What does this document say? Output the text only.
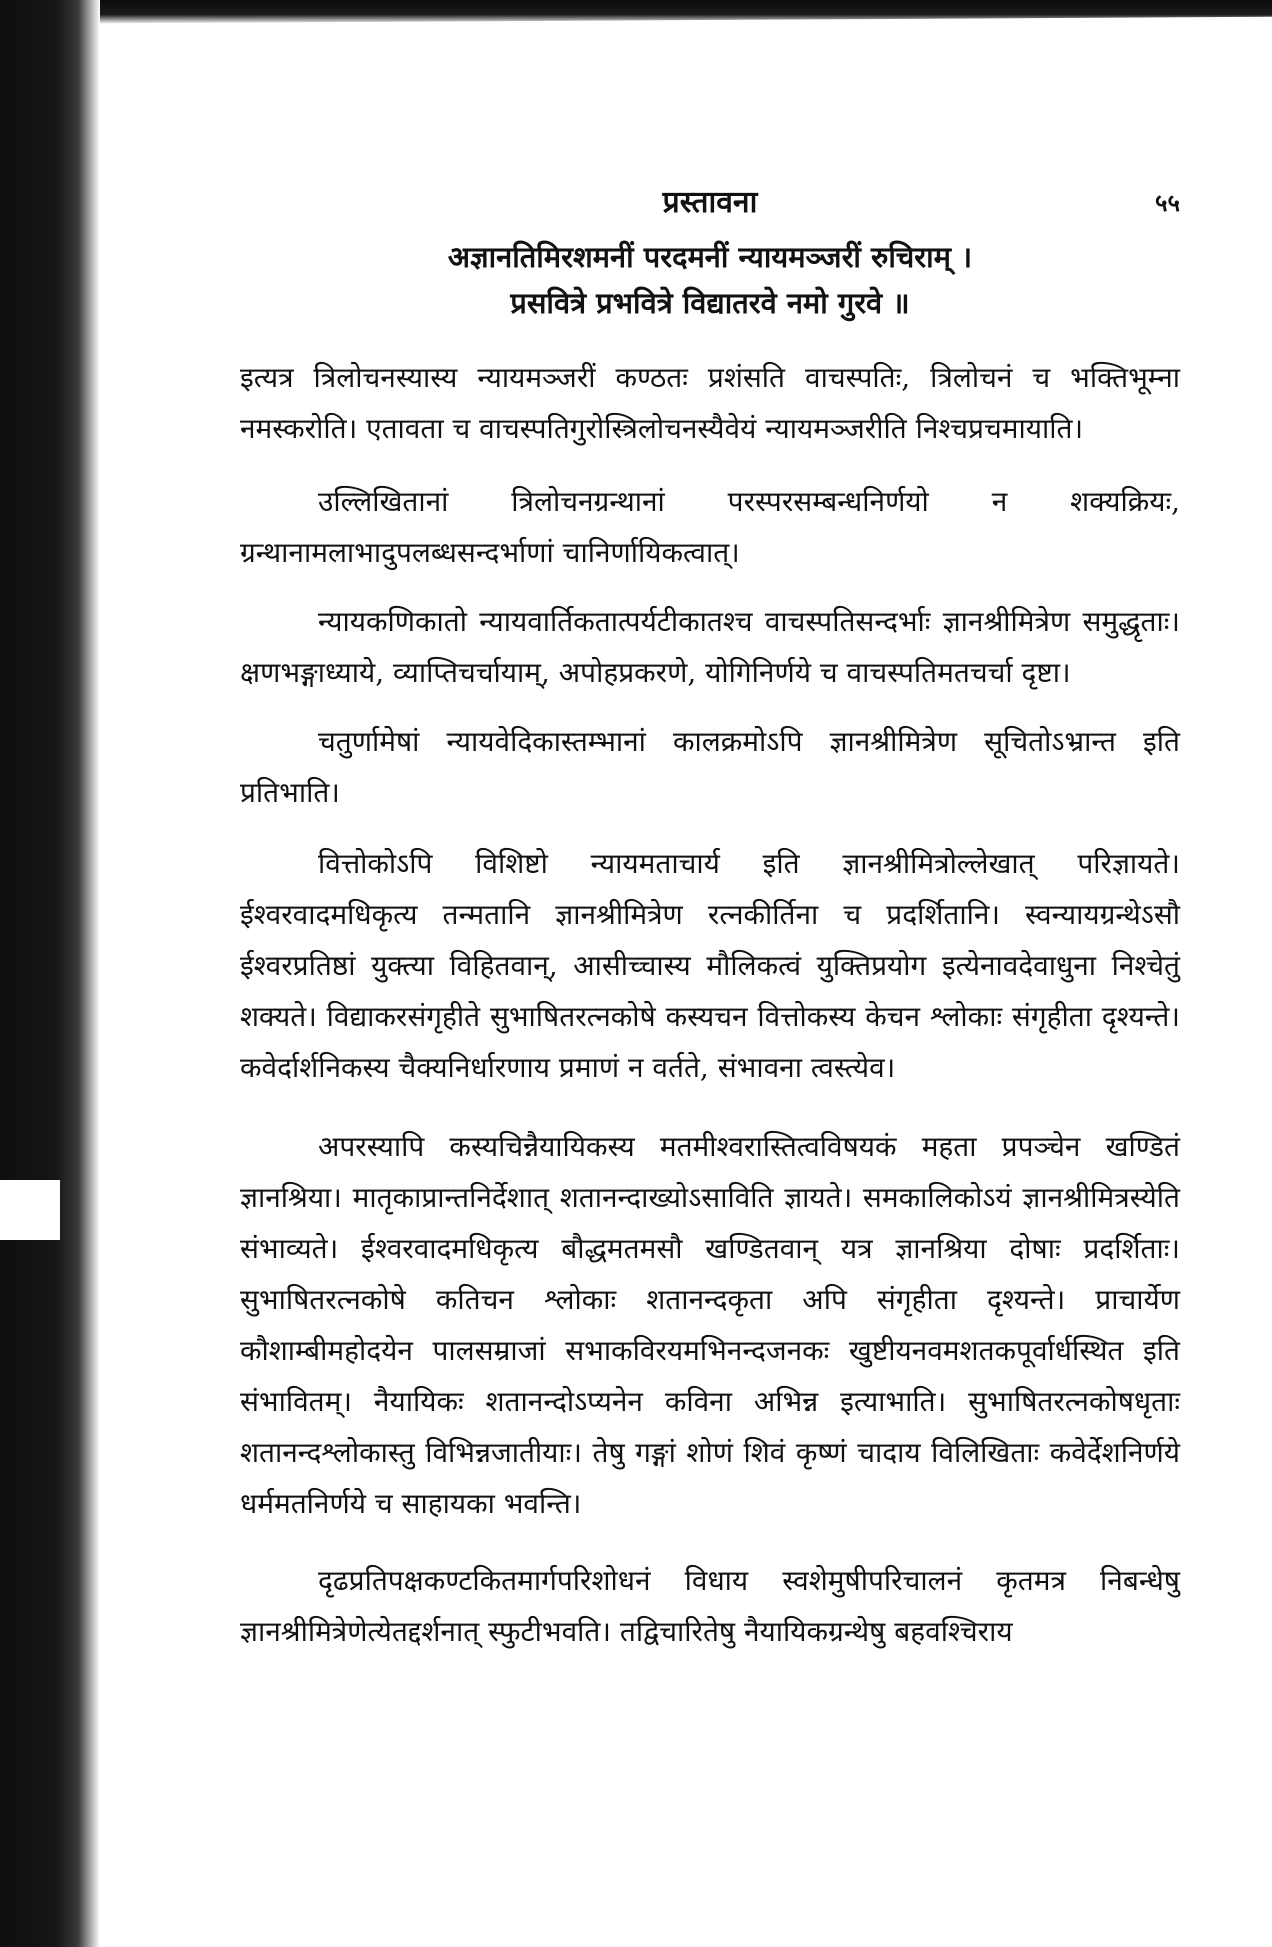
प्रस्तावना	५५

अज्ञानतिमिरशमनीं परदमनीं न्यायमञ्जरीं रुचिराम् ।

प्रसवित्रे प्रभवित्रे विद्यातरवे नमो गुरवे ॥

इत्यत्र त्रिलोचनस्यास्य न्यायमञ्जरीं कण्ठतः प्रशंसति वाचस्पतिः, त्रिलोचनं च भक्तिभूम्ना नमस्करोति। एतावता च वाचस्पतिगुरोस्त्रिलोचनस्यैवेयं न्यायमञ्जरीति निश्चप्रचमायाति।

उल्लिखितानां त्रिलोचनग्रन्थानां परस्परसम्बन्धनिर्णयो न शक्यक्रियः, ग्रन्थानामलाभादुपलब्धसन्दर्भाणां चानिर्णायिकत्वात्।

न्यायकणिकातो न्यायवार्तिकतात्पर्यटीकातश्च वाचस्पतिसन्दर्भाः ज्ञानश्रीमित्रेण समुद्धृताः। क्षणभङ्गाध्याये, व्याप्तिचर्चायाम्, अपोहप्रकरणे, योगिनिर्णये च वाचस्पतिमतचर्चा दृष्टा।

चतुर्णामेषां न्यायवेदिकास्तम्भानां कालक्रमोऽपि ज्ञानश्रीमित्रेण सूचितोऽभ्रान्त इति प्रतिभाति।

वित्तोकोऽपि विशिष्टो न्यायमताचार्य इति ज्ञानश्रीमित्रोल्लेखात् परिज्ञायते। ईश्वरवादमधिकृत्य तन्मतानि ज्ञानश्रीमित्रेण रत्नकीर्तिना च प्रदर्शितानि। स्वन्यायग्रन्थेऽसौ ईश्वरप्रतिष्ठां युक्त्या विहितवान्, आसीच्चास्य मौलिकत्वं युक्तिप्रयोग इत्येनावदेवाधुना निश्चेतुं शक्यते। विद्याकरसंगृहीते सुभाषितरत्नकोषे कस्यचन वित्तोकस्य केचन श्लोकाः संगृहीता दृश्यन्ते। कवेर्दार्शनिकस्य चैक्यनिर्धारणाय प्रमाणं न वर्तते, संभावना त्वस्त्येव।

अपरस्यापि कस्यचिन्नैयायिकस्य मतमीश्वरास्तित्वविषयकं महता प्रपञ्चेन खण्डितं ज्ञानश्रिया। मातृकाप्रान्तनिर्देशात् शतानन्दाख्योऽसाविति ज्ञायते। समकालिकोऽयं ज्ञानश्रीमित्रस्येति संभाव्यते। ईश्वरवादमधिकृत्य बौद्धमतमसौ खण्डितवान् यत्र ज्ञानश्रिया दोषाः प्रदर्शिताः। सुभाषितरत्नकोषे कतिचन श्लोकाः शतानन्दकृता अपि संगृहीता दृश्यन्ते। प्राचार्येण कौशाम्बीमहोदयेन पालसम्राजां सभाकविरयमभिनन्दजनकः खुष्टीयनवमशतकपूर्वार्धस्थित इति संभावितम्। नैयायिकः शतानन्दोऽप्यनेन कविना अभिन्न इत्याभाति। सुभाषितरत्नकोषधृताः शतानन्दश्लोकास्तु विभिन्नजातीयाः। तेषु गङ्गां शोणं शिवं कृष्णं चादाय विलिखिताः कवेर्देशनिर्णये धर्ममतनिर्णये च साहायका भवन्ति।

दृढप्रतिपक्षकण्टकितमार्गपरिशोधनं विधाय स्वशेमुषीपरिचालनं कृतमत्र निबन्धेषु ज्ञानश्रीमित्रेणेत्येतद्दर्शनात् स्फुटीभवति। तद्विचारितेषु नैयायिकग्रन्थेषु बहवश्चिराय
